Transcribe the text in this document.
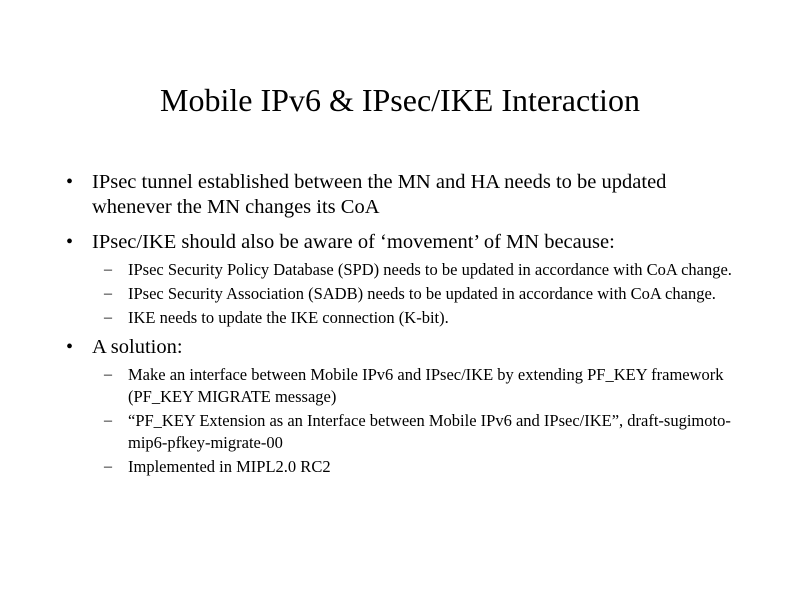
Mobile IPv6 & IPsec/IKE Interaction
• IPsec tunnel established between the MN and HA needs to be updated whenever the MN changes its CoA
• IPsec/IKE should also be aware of ‘movement’ of MN because:
– IPsec Security Policy Database (SPD) needs to be updated in accordance with CoA change.
– IPsec Security Association (SADB) needs to be updated in accordance with CoA change.
– IKE needs to update the IKE connection (K-bit).
• A solution:
– Make an interface between Mobile IPv6 and IPsec/IKE by extending PF_KEY framework (PF_KEY MIGRATE message)
– “PF_KEY Extension as an Interface between Mobile IPv6 and IPsec/IKE”, draft-sugimoto-mip6-pfkey-migrate-00
– Implemented in MIPL2.0 RC2
